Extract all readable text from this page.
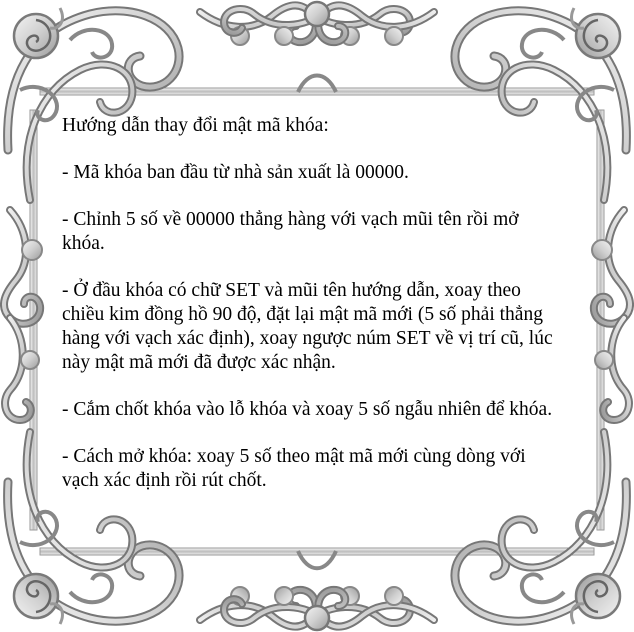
Hướng dẫn thay đổi mật mã khóa:

- Mã khóa ban đầu từ nhà sản xuất là 00000.

- Chỉnh 5 số về 00000 thẳng hàng với vạch mũi tên rồi mở khóa.

- Ở đầu khóa có chữ SET và mũi tên hướng dẫn, xoay theo chiều kim đồng hồ 90 độ, đặt lại mật mã mới (5 số phải thẳng hàng với vạch xác định), xoay ngược núm SET về vị trí cũ, lúc này mật mã mới đã được xác nhận.

- Cắm chốt khóa vào lỗ khóa và xoay 5 số ngẫu nhiên để khóa.

- Cách mở khóa: xoay 5 số theo mật mã mới cùng dòng với vạch xác định rồi rút chốt.
